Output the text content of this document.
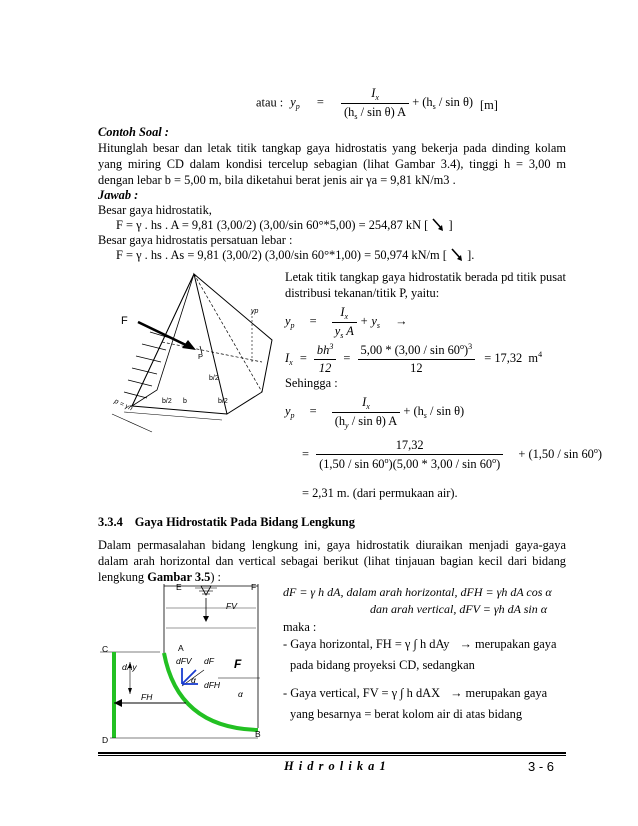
atau : $y_p = \frac{I_x}{(h_s / \sin \theta) A} + (h_s / \sin \theta)$ [m]
Contoh Soal :
Hitunglah besar dan letak titik tangkap gaya hidrostatis yang bekerja pada dinding kolam yang miring CD dalam kondisi tercelup sebagian (lihat Gambar 3.4), tinggi h = 3,00 m dengan lebar b = 5,00 m, bila diketahui berat jenis air γa = 9,81 kN/m3 .
Jawab :
Besar gaya hidrostatik,
F = γ . hs . A = 9,81 (3,00/2) (3,00/sin 60°*5,00) = 254,87 kN [ ]
Besar gaya hidrostatis persatuan lebar :
F = γ . hs . As = 9,81 (3,00/2) (3,00/sin 60°*1,00) = 50,974 kN/m [ ].
F
yp
P
b/2
b/2
b/2 b
p = γh
Letak titik tangkap gaya hidrostatik berada pd titik pusat distribusi tekanan/titik P, yaitu:
$y_p = \frac{I_x}{y_s A} + y_s$ →
$I_x = \frac{bh^3}{12} = \frac{5,00 * (3,00 / \sin 60^o)^3}{12} = 17,32$  $m^4$
Sehingga :
$y_p = \frac{I_x}{(h_y / \sin \theta) A} + (h_s / \sin \theta)$
= $\frac{17,32}{(1,50 / \sin 60^o)(5,00 * 3,00 / \sin 60^o)} + (1,50 / \sin 60^o)$
= 2,31 m. (dari permukaan air).
3.3.4 Gaya Hidrostatik Pada Bidang Lengkung
Dalam permasalahan bidang lengkung ini, gaya hidrostatik diuraikan menjadi gaya-gaya dalam arah horizontal dan vertical sebagai berikut (lihat tinjauan bagian kecil dari bidang lengkung Gambar 3.5) :
E	F
FV
C	A
dAy
dFV dF F
α dFH
FH	α
B
D
dF = γ h dA, dalam arah horizontal, dFH = γh dA cos α
dan arah vertical, dFV = γh dA sin α
maka :
- Gaya horizontal, FH = γ ∫ h dAy → merupakan gaya
pada bidang proyeksi CD, sedangkan
- Gaya vertical, FV = γ ∫ h dAX → merupakan gaya
yang besarnya = berat kolom air di atas bidang
H i d r o l i k a 1	3 - 6
